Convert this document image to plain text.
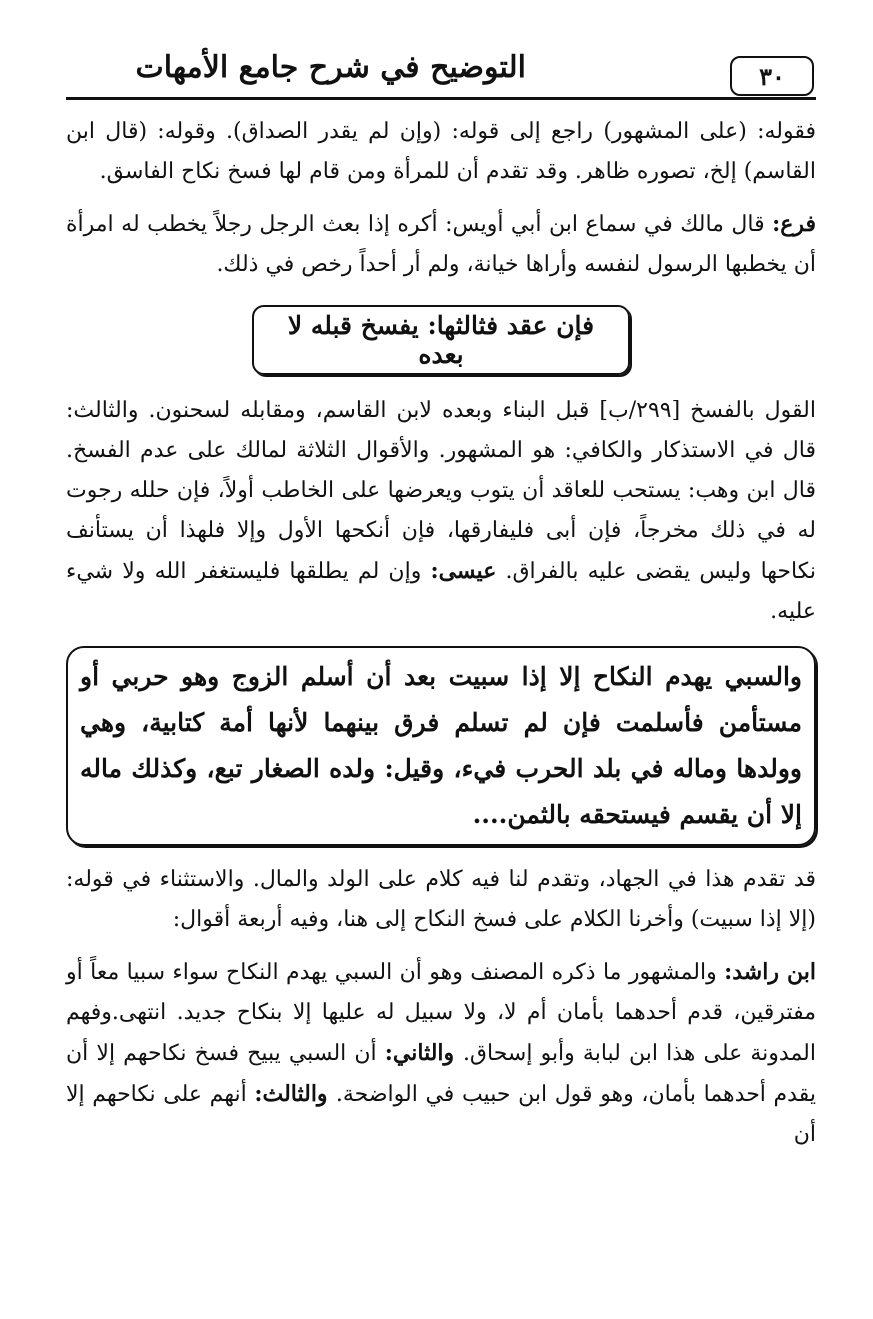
التوضيح في شرح جامع الأمهات	٣٠

فقوله: (على المشهور) راجع إلى قوله: (وإن لم يقدر الصداق). وقوله: (قال ابن القاسم) إلخ، تصوره ظاهر. وقد تقدم أن للمرأة ومن قام لها فسخ نكاح الفاسق.

فرع: قال مالك في سماع ابن أبي أويس: أكره إذا بعث الرجل رجلاً يخطب له امرأة أن يخطبها الرسول لنفسه وأراها خيانة، ولم أر أحداً رخص في ذلك.

فإن عقد فثالثها: يفسخ قبله لا بعده

القول بالفسخ [٢٩٩/ب] قبل البناء وبعده لابن القاسم، ومقابله لسحنون. والثالث: قال في الاستذكار والكافي: هو المشهور. والأقوال الثلاثة لمالك على عدم الفسخ. قال ابن وهب: يستحب للعاقد أن يتوب ويعرضها على الخاطب أولاً، فإن حلله رجوت له في ذلك مخرجاً، فإن أبى فليفارقها، فإن أنكحها الأول وإلا فلهذا أن يستأنف نكاحها وليس يقضى عليه بالفراق. عيسى: وإن لم يطلقها فليستغفر الله ولا شيء عليه.

والسبي يهدم النكاح إلا إذا سبيت بعد أن أسلم الزوج وهو حربي أو مستأمن فأسلمت فإن لم تسلم فرق بينهما لأنها أمة كتابية، وهي وولدها وماله في بلد الحرب فيء، وقيل: ولده الصغار تبع، وكذلك ماله إلا أن يقسم فيستحقه بالثمن....

قد تقدم هذا في الجهاد، وتقدم لنا فيه كلام على الولد والمال. والاستثناء في قوله: (إلا إذا سبيت) وأخرنا الكلام على فسخ النكاح إلى هنا، وفيه أربعة أقوال:

ابن راشد: والمشهور ما ذكره المصنف وهو أن السبي يهدم النكاح سواء سبيا معاً أو مفترقين، قدم أحدهما بأمان أم لا، ولا سبيل له عليها إلا بنكاح جديد. انتهى.وفهم المدونة على هذا ابن لبابة وأبو إسحاق. والثاني: أن السبي يبيح فسخ نكاحهم إلا أن يقدم أحدهما بأمان، وهو قول ابن حبيب في الواضحة. والثالث: أنهم على نكاحهم إلا أن
